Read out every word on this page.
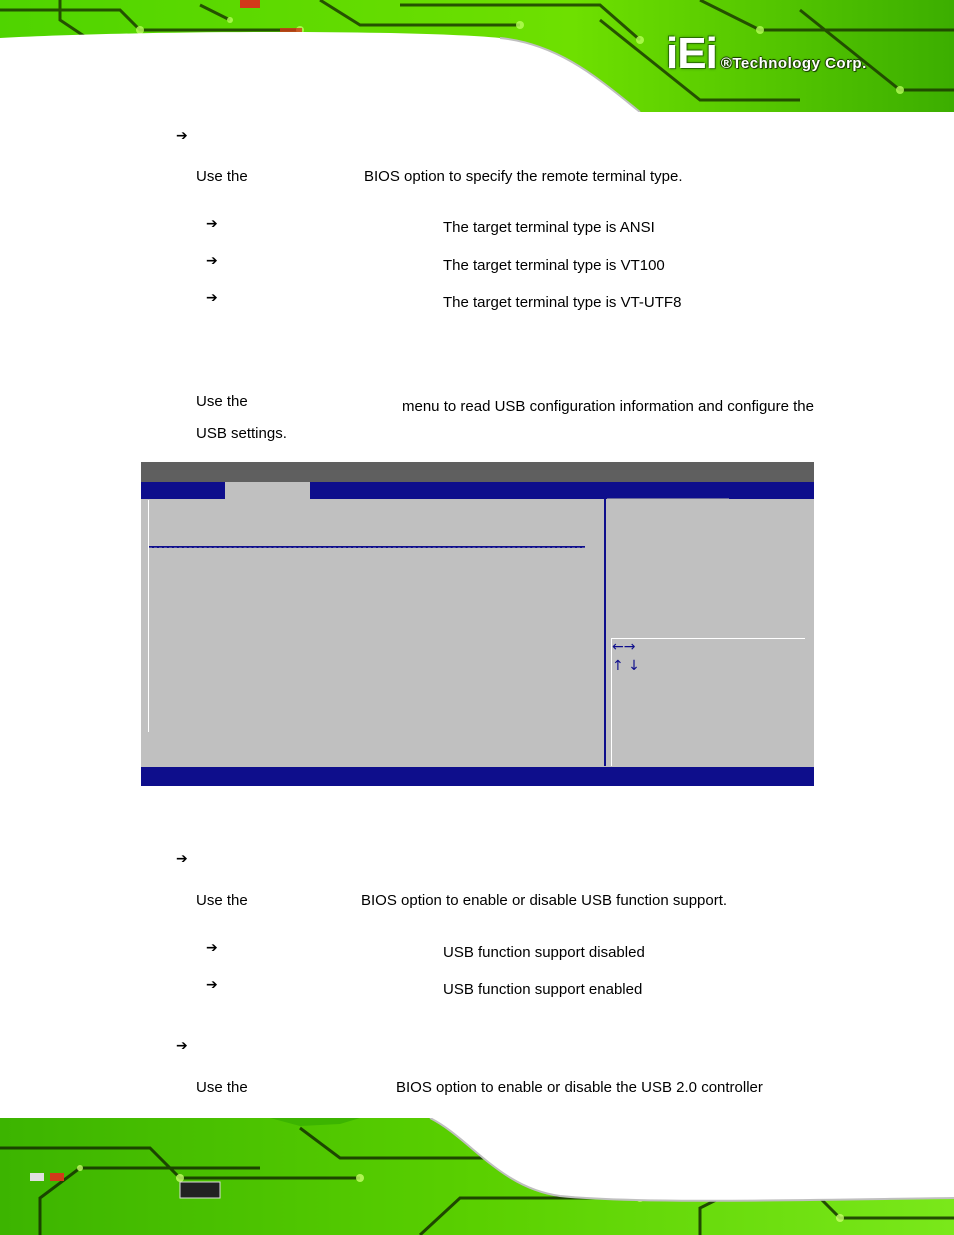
iEi ®Technology Corp.
➔
Use the	BIOS option to specify the remote terminal type.
➔	The target terminal type is ANSI
➔	The target terminal type is VT100
➔	The target terminal type is VT-UTF8
Use the	menu to read USB configuration information and configure the USB settings.
←→
↑ ↓
➔
Use the	BIOS option to enable or disable USB function support.
➔	USB function support disabled
➔	USB function support enabled
➔
Use the	BIOS option to enable or disable the USB 2.0 controller
